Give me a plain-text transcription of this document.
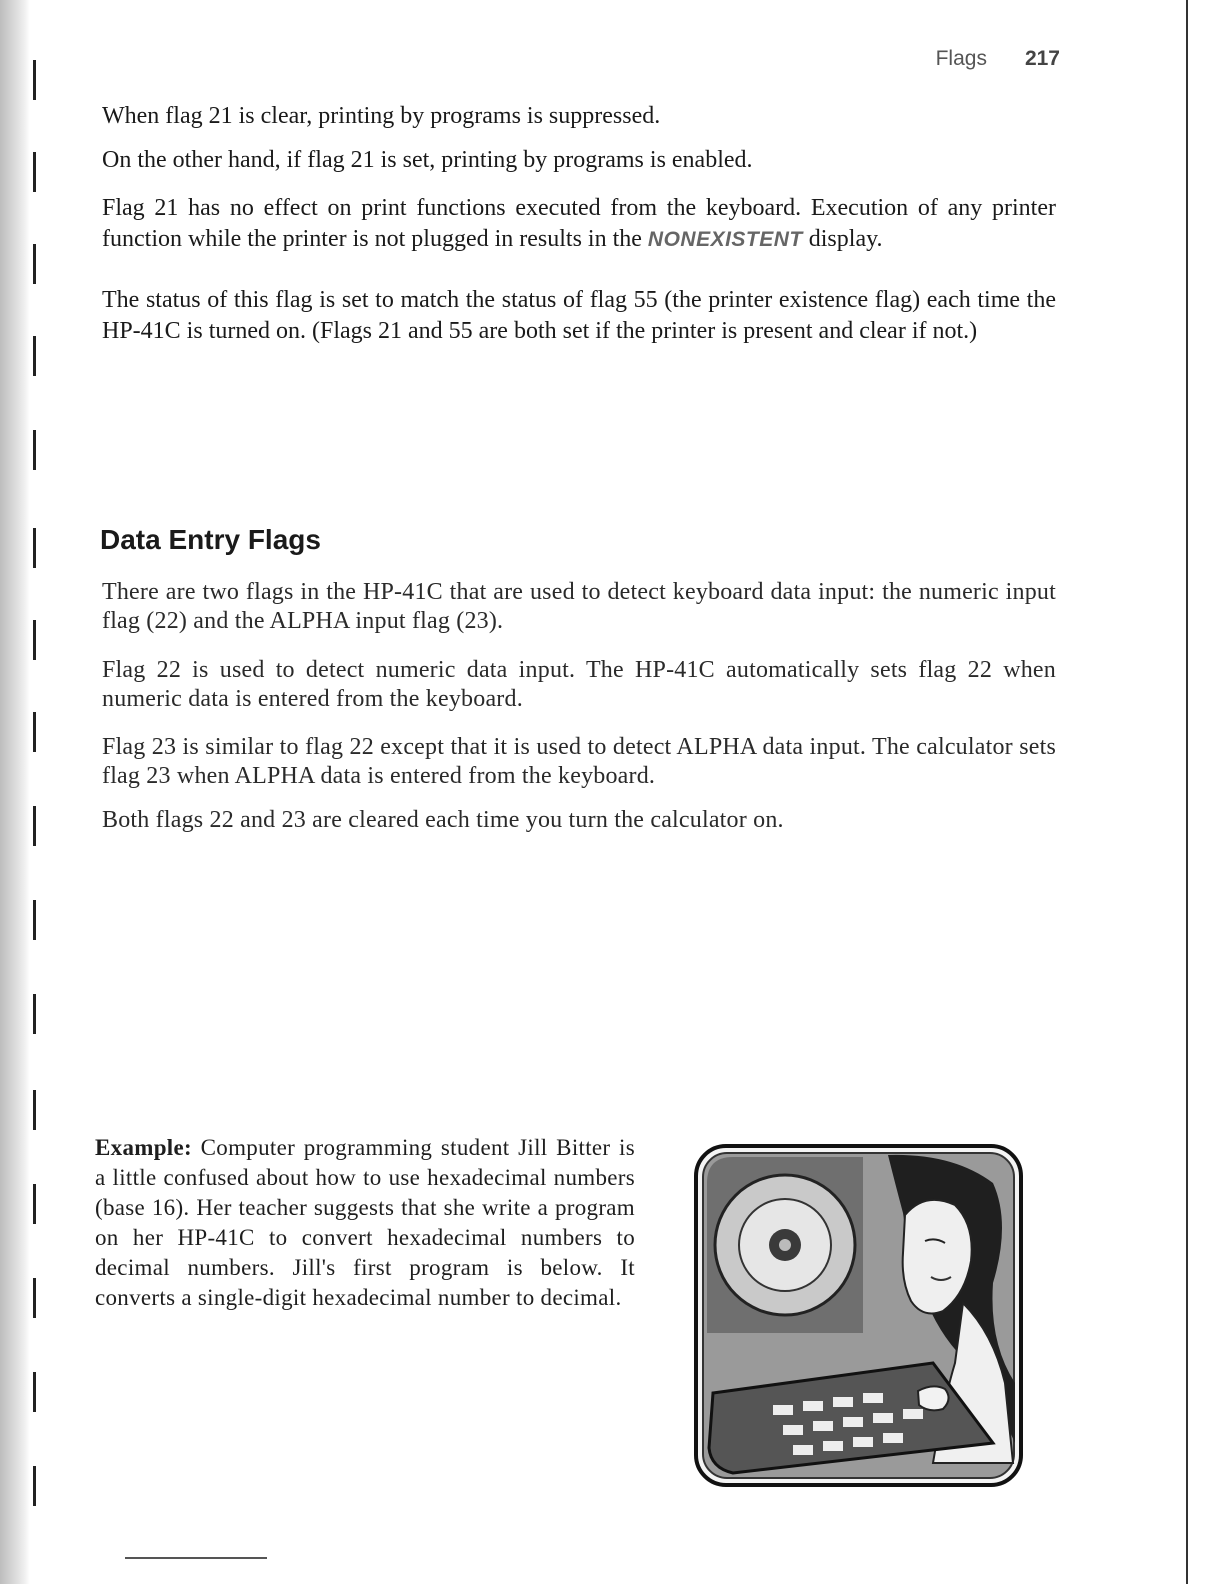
Flags 217

When flag 21 is clear, printing by programs is suppressed.

On the other hand, if flag 21 is set, printing by programs is enabled.

Flag 21 has no effect on print functions executed from the keyboard. Execution of any printer function while the printer is not plugged in results in the NONEXISTENT display.

The status of this flag is set to match the status of flag 55 (the printer existence flag) each time the HP-41C is turned on. (Flags 21 and 55 are both set if the printer is present and clear if not.)

Data Entry Flags

There are two flags in the HP-41C that are used to detect keyboard data input: the numeric input flag (22) and the ALPHA input flag (23).

Flag 22 is used to detect numeric data input. The HP-41C automatically sets flag 22 when numeric data is entered from the keyboard.

Flag 23 is similar to flag 22 except that it is used to detect ALPHA data input. The calculator sets flag 23 when ALPHA data is entered from the keyboard.

Both flags 22 and 23 are cleared each time you turn the calculator on.

Example: Computer programming student Jill Bitter is a little confused about how to use hexadecimal numbers (base 16). Her teacher suggests that she write a program on her HP-41C to convert hexadecimal numbers to decimal numbers. Jill's first program is below. It converts a single-digit hexadecimal number to decimal.
